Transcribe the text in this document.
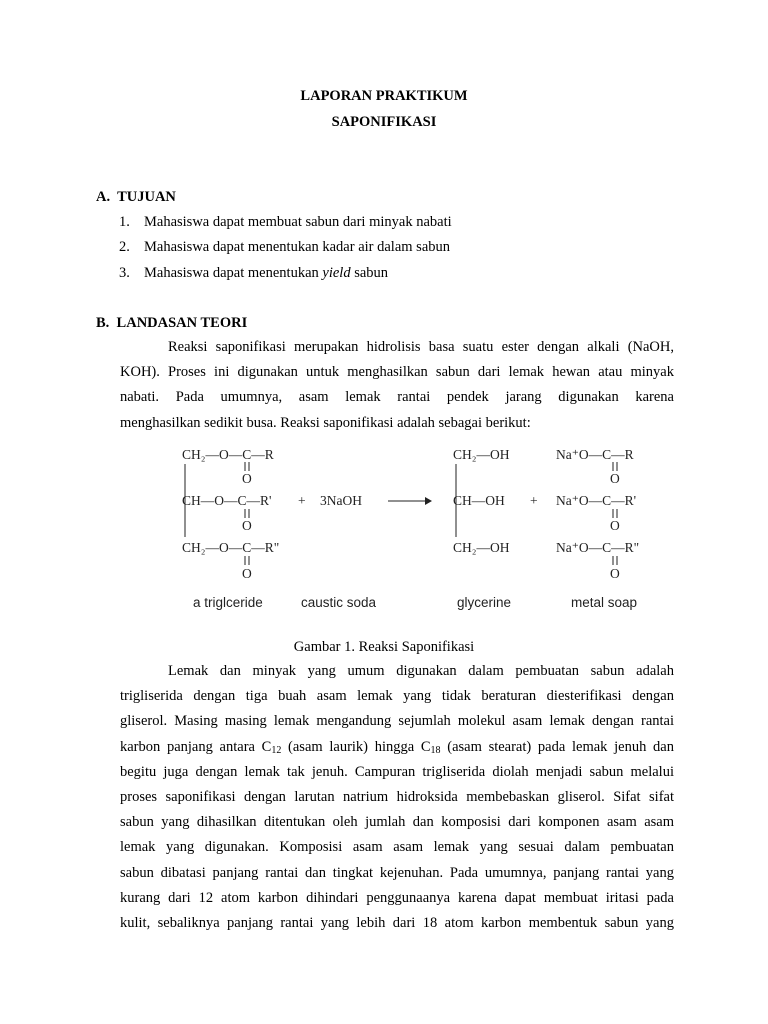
LAPORAN PRAKTIKUM
SAPONIFIKASI
A.  TUJUAN
1. Mahasiswa dapat membuat sabun dari minyak nabati
2. Mahasiswa dapat menentukan kadar air dalam sabun
3. Mahasiswa dapat menentukan yield sabun
B.  LANDASAN TEORI
Reaksi saponifikasi merupakan hidrolisis basa suatu ester dengan alkali (NaOH,
KOH). Proses ini digunakan untuk menghasilkan sabun dari lemak hewan atau minyak
nabati. Pada umumnya, asam lemak rantai pendek jarang digunakan karena
menghasilkan sedikit busa. Reaksi saponifikasi adalah sebagai berikut:
CH₂—O—C—R
CH—O—C—R'
CH₂—O—C—R"
O
O
O
+ 3NaOH
CH₂—OH
CH—OH
CH₂—OH
+
Na⁺O—C—R
Na⁺O—C—R'
Na⁺O—C—R"
O
O
O
a triglceride	caustic soda	glycerine	metal soap
Gambar 1. Reaksi Saponifikasi
Lemak dan minyak yang umum digunakan dalam pembuatan sabun adalah
trigliserida dengan tiga buah asam lemak yang tidak beraturan diesterifikasi dengan
gliserol. Masing masing lemak mengandung sejumlah molekul asam lemak dengan rantai
karbon panjang antara $C_{12}$ (asam laurik) hingga $C_{18}$ (asam stearat) pada lemak jenuh dan
begitu juga dengan lemak tak jenuh. Campuran trigliserida diolah menjadi sabun melalui
proses saponifikasi dengan larutan natrium hidroksida membebaskan gliserol. Sifat sifat
sabun yang dihasilkan ditentukan oleh jumlah dan komposisi dari komponen asam asam
lemak yang digunakan. Komposisi asam asam lemak yang sesuai dalam pembuatan
sabun dibatasi panjang rantai dan tingkat kejenuhan. Pada umumnya, panjang rantai yang
kurang dari 12 atom karbon dihindari penggunaanya karena dapat membuat iritasi pada
kulit, sebaliknya panjang rantai yang lebih dari 18 atom karbon membentuk sabun yang
